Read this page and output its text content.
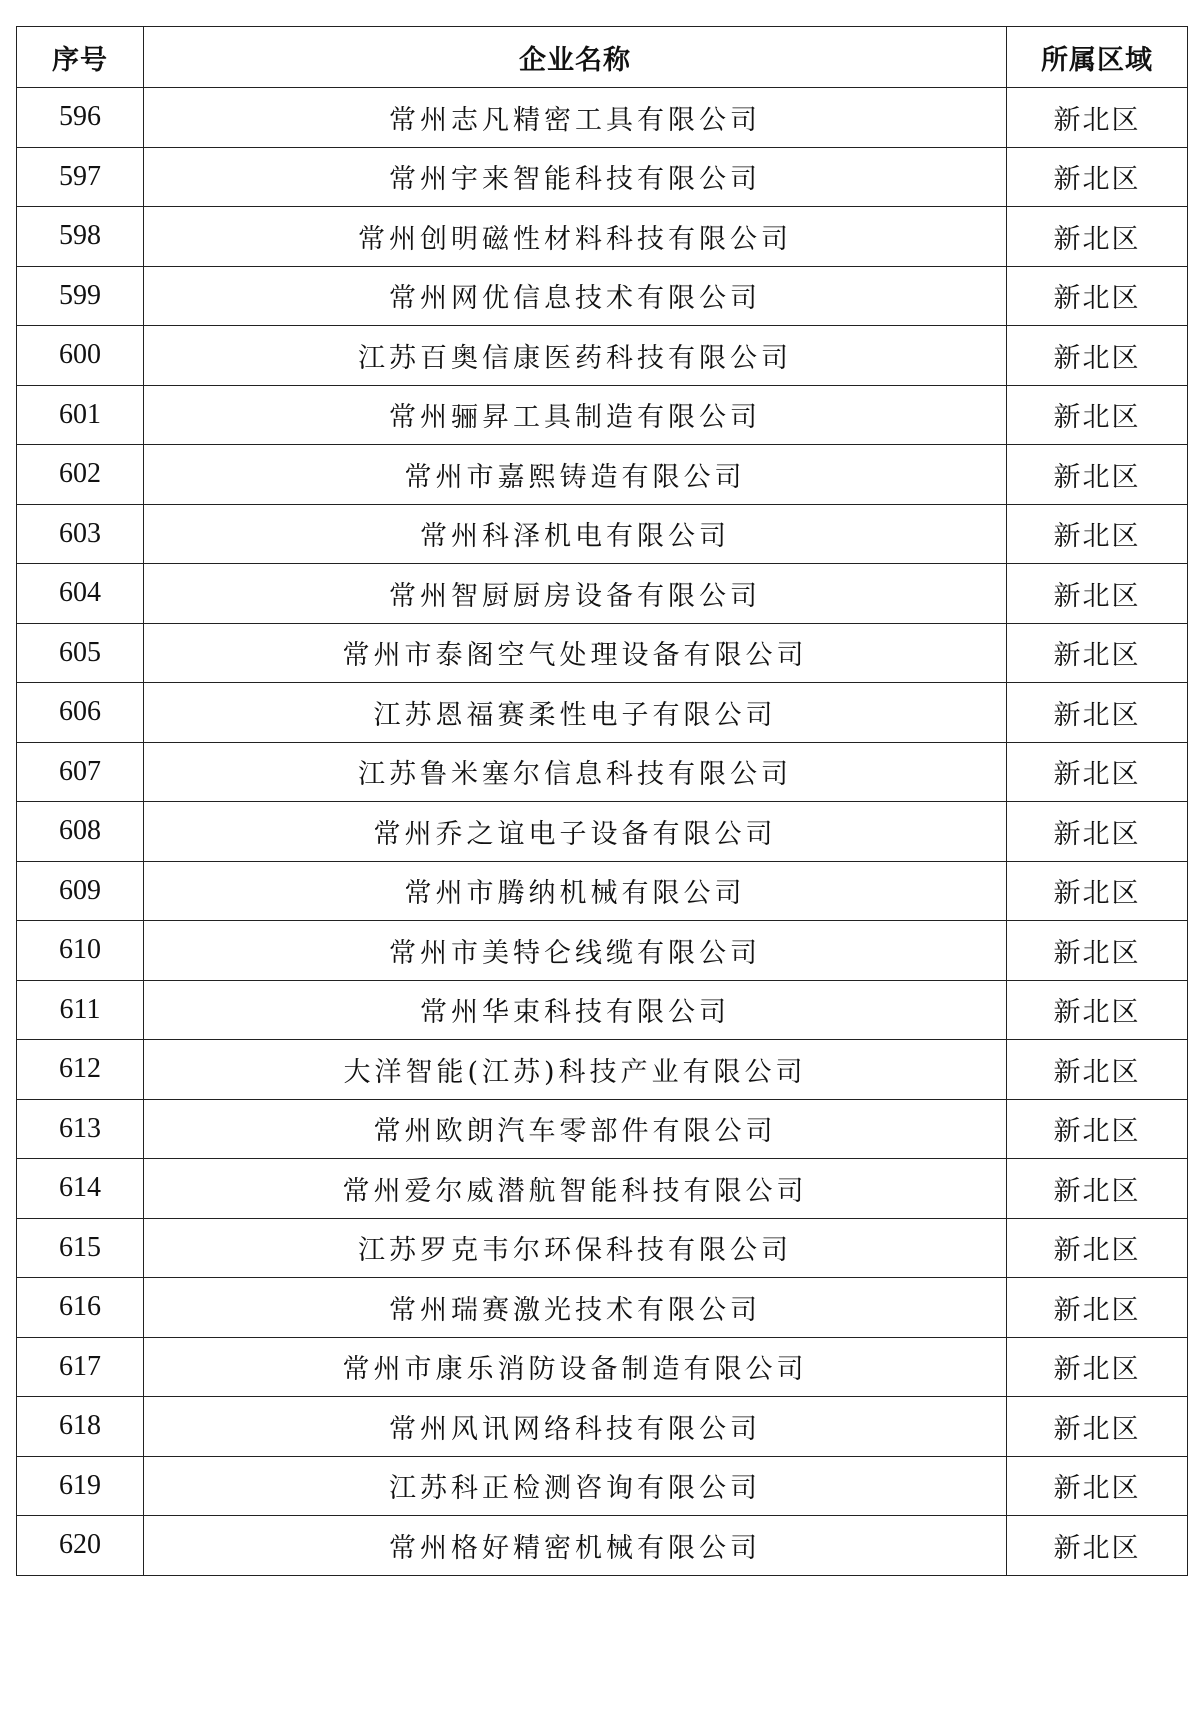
序号	企业名称	所属区域
596	常州志凡精密工具有限公司	新北区
597	常州宇来智能科技有限公司	新北区
598	常州创明磁性材料科技有限公司	新北区
599	常州网优信息技术有限公司	新北区
600	江苏百奥信康医药科技有限公司	新北区
601	常州骊昇工具制造有限公司	新北区
602	常州市嘉熙铸造有限公司	新北区
603	常州科泽机电有限公司	新北区
604	常州智厨厨房设备有限公司	新北区
605	常州市泰阁空气处理设备有限公司	新北区
606	江苏恩福赛柔性电子有限公司	新北区
607	江苏鲁米塞尔信息科技有限公司	新北区
608	常州乔之谊电子设备有限公司	新北区
609	常州市腾纳机械有限公司	新北区
610	常州市美特仑线缆有限公司	新北区
611	常州华束科技有限公司	新北区
612	大洋智能(江苏)科技产业有限公司	新北区
613	常州欧朗汽车零部件有限公司	新北区
614	常州爱尔威潜航智能科技有限公司	新北区
615	江苏罗克韦尔环保科技有限公司	新北区
616	常州瑞赛激光技术有限公司	新北区
617	常州市康乐消防设备制造有限公司	新北区
618	常州风讯网络科技有限公司	新北区
619	江苏科正检测咨询有限公司	新北区
620	常州格好精密机械有限公司	新北区
